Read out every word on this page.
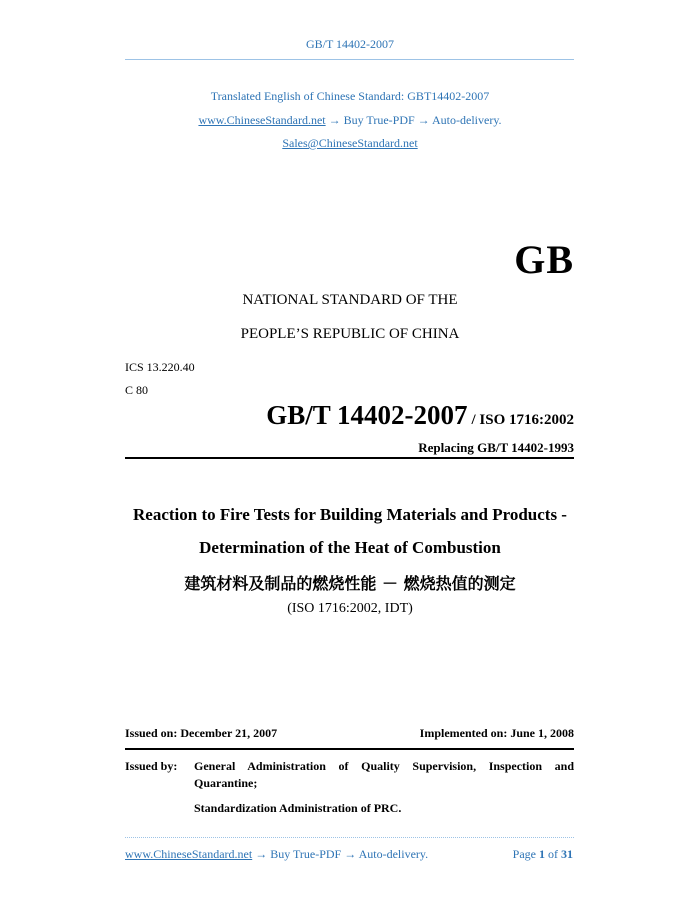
GB/T 14402-2007
Translated English of Chinese Standard: GBT14402-2007
www.ChineseStandard.net → Buy True-PDF → Auto-delivery.
Sales@ChineseStandard.net
GB
NATIONAL STANDARD OF THE
PEOPLE’S REPUBLIC OF CHINA
ICS 13.220.40
C 80
GB/T 14402-2007 / ISO 1716:2002
Replacing GB/T 14402-1993
Reaction to Fire Tests for Building Materials and Products -
Determination of the Heat of Combustion
建筑材料及制品的燃烧性能 － 燃烧热值的测定
(ISO 1716:2002, IDT)
Issued on: December 21, 2007	Implemented on: June 1, 2008
Issued by: General Administration of Quality Supervision, Inspection and
Quarantine;
Standardization Administration of PRC.
www.ChineseStandard.net → Buy True-PDF → Auto-delivery.	Page 1 of 31
